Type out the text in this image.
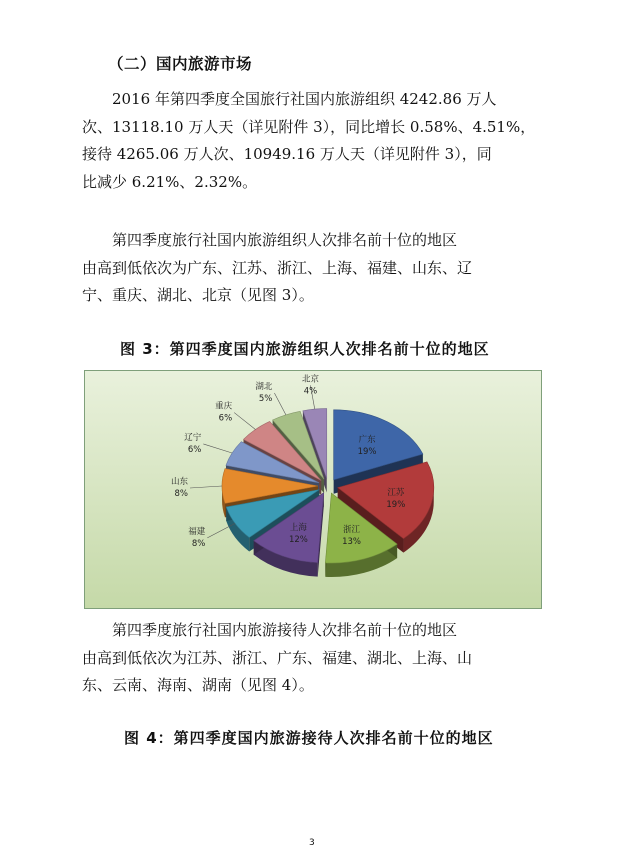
（二）国内旅游市场

2016 年第四季度全国旅行社国内旅游组织 4242.86 万人
次、13118.10 万人天（详见附件 3），同比增长 0.58%、4.51%，
接待 4265.06 万人次、10949.16 万人天（详见附件 3），同
比减少 6.21%、2.32%。

第四季度旅行社国内旅游组织人次排名前十位的地区
由高到低依次为广东、江苏、浙江、上海、福建、山东、辽
宁、重庆、湖北、北京（见图 3）。

图 3：第四季度国内旅游组织人次排名前十位的地区
广东
19%
江苏
19%
浙江
13%
上海
12%
福建
8%
山东
8%
辽宁
6%
重庆
6%
湖北
5%
北京
4%

第四季度旅行社国内旅游接待人次排名前十位的地区
由高到低依次为江苏、浙江、广东、福建、湖北、上海、山
东、云南、海南、湖南（见图 4）。

图 4：第四季度国内旅游接待人次排名前十位的地区
3
